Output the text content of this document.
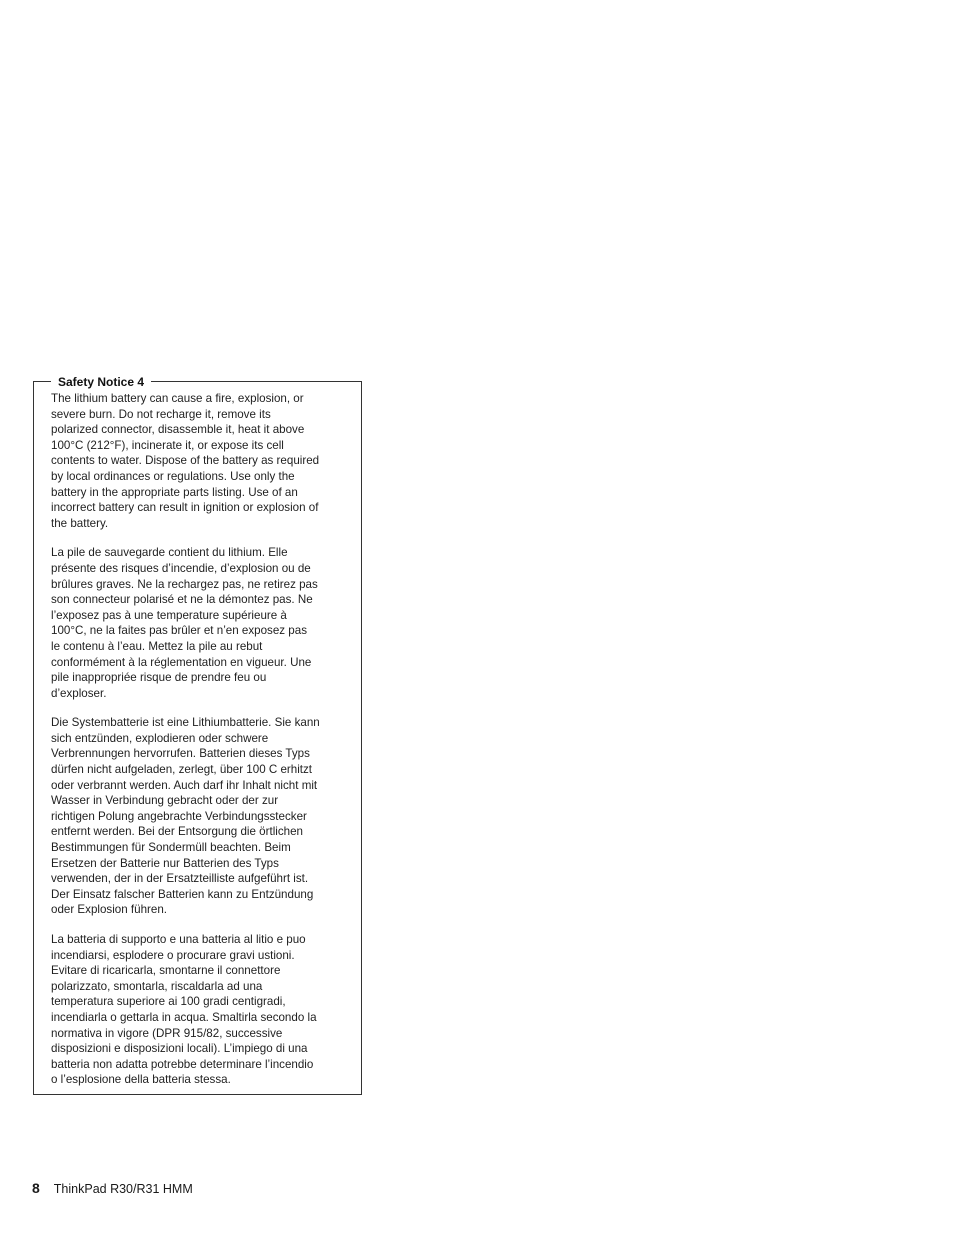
Safety Notice 4

The lithium battery can cause a fire, explosion, or
severe burn. Do not recharge it, remove its
polarized connector, disassemble it, heat it above
100°C (212°F), incinerate it, or expose its cell
contents to water. Dispose of the battery as required
by local ordinances or regulations. Use only the
battery in the appropriate parts listing. Use of an
incorrect battery can result in ignition or explosion of
the battery.

La pile de sauvegarde contient du lithium. Elle
présente des risques d’incendie, d’explosion ou de
brûlures graves. Ne la rechargez pas, ne retirez pas
son connecteur polarisé et ne la démontez pas. Ne
l’exposez pas à une temperature supérieure à
100°C, ne la faites pas brûler et n’en exposez pas
le contenu à l’eau. Mettez la pile au rebut
conformément à la réglementation en vigueur. Une
pile inappropriée risque de prendre feu ou
d’exploser.

Die Systembatterie ist eine Lithiumbatterie. Sie kann
sich entzünden, explodieren oder schwere
Verbrennungen hervorrufen. Batterien dieses Typs
dürfen nicht aufgeladen, zerlegt, über 100 C erhitzt
oder verbrannt werden. Auch darf ihr Inhalt nicht mit
Wasser in Verbindung gebracht oder der zur
richtigen Polung angebrachte Verbindungsstecker
entfernt werden. Bei der Entsorgung die örtlichen
Bestimmungen für Sondermüll beachten. Beim
Ersetzen der Batterie nur Batterien des Typs
verwenden, der in der Ersatzteilliste aufgeführt ist.
Der Einsatz falscher Batterien kann zu Entzündung
oder Explosion führen.

La batteria di supporto e una batteria al litio e puo
incendiarsi, esplodere o procurare gravi ustioni.
Evitare di ricaricarla, smontarne il connettore
polarizzato, smontarla, riscaldarla ad una
temperatura superiore ai 100 gradi centigradi,
incendiarla o gettarla in acqua. Smaltirla secondo la
normativa in vigore (DPR 915/82, successive
disposizioni e disposizioni locali). L’impiego di una
batteria non adatta potrebbe determinare l’incendio
o l’esplosione della batteria stessa.

8 ThinkPad R30/R31 HMM
